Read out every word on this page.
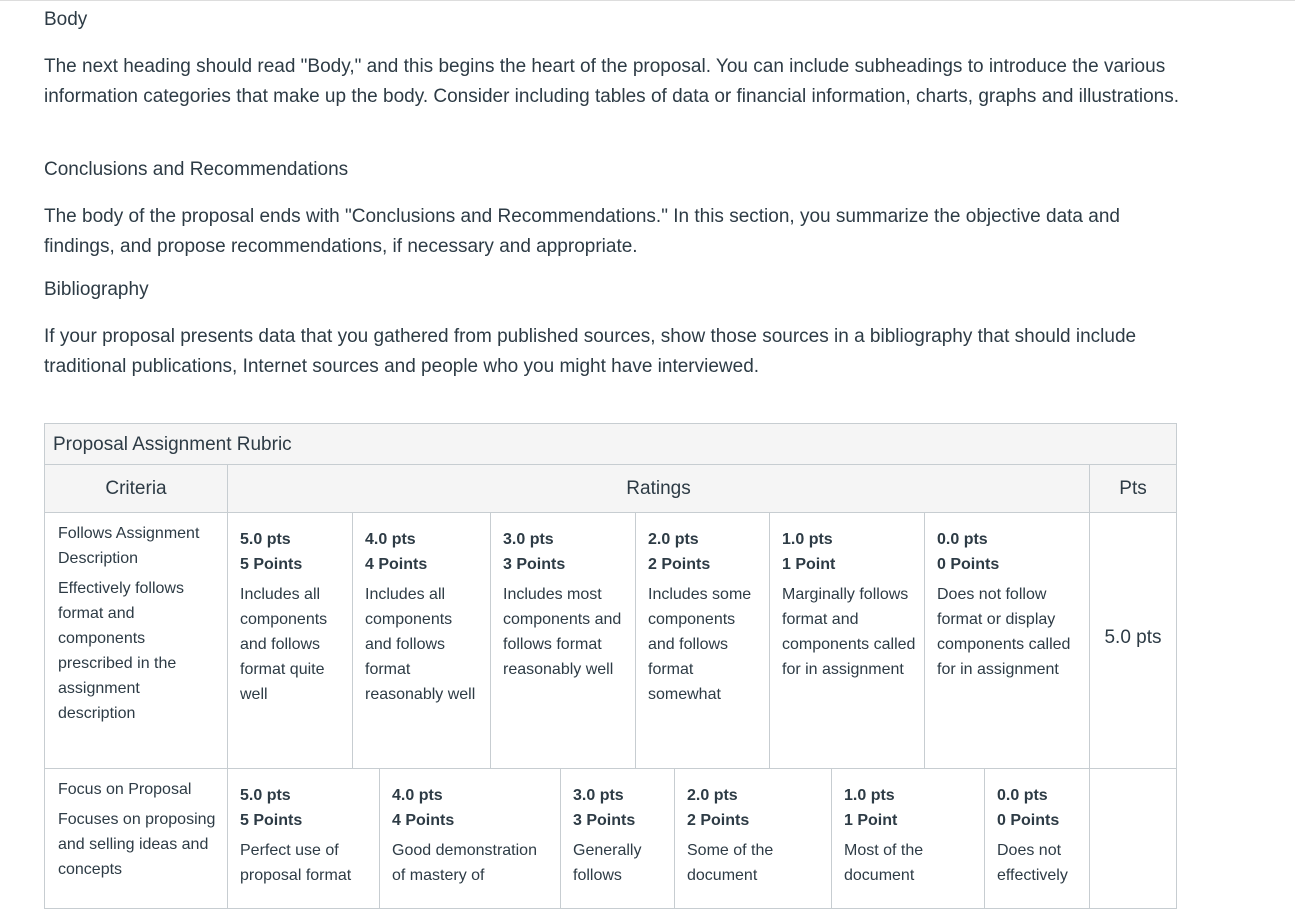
Body

The next heading should read "Body," and this begins the heart of the proposal. You can include subheadings to introduce the various information categories that make up the body. Consider including tables of data or financial information, charts, graphs and illustrations.

Conclusions and Recommendations

The body of the proposal ends with "Conclusions and Recommendations." In this section, you summarize the objective data and findings, and propose recommendations, if necessary and appropriate.

Bibliography

If your proposal presents data that you gathered from published sources, show those sources in a bibliography that should include traditional publications, Internet sources and people who you might have interviewed.

Proposal Assignment Rubric
Criteria	Ratings	Pts
Follows Assignment Description
Effectively follows format and components prescribed in the assignment description
5.0 pts
5 Points
Includes all components and follows format quite well
4.0 pts
4 Points
Includes all components and follows format reasonably well
3.0 pts
3 Points
Includes most components and follows format reasonably well
2.0 pts
2 Points
Includes some components and follows format somewhat
1.0 pts
1 Point
Marginally follows format and components called for in assignment
0.0 pts
0 Points
Does not follow format or display components called for in assignment
5.0 pts
Focus on Proposal
Focuses on proposing and selling ideas and concepts
5.0 pts
5 Points
Perfect use of proposal format
4.0 pts
4 Points
Good demonstration of mastery of
3.0 pts
3 Points
Generally follows
2.0 pts
2 Points
Some of the document
1.0 pts
1 Point
Most of the document
0.0 pts
0 Points
Does not effectively
